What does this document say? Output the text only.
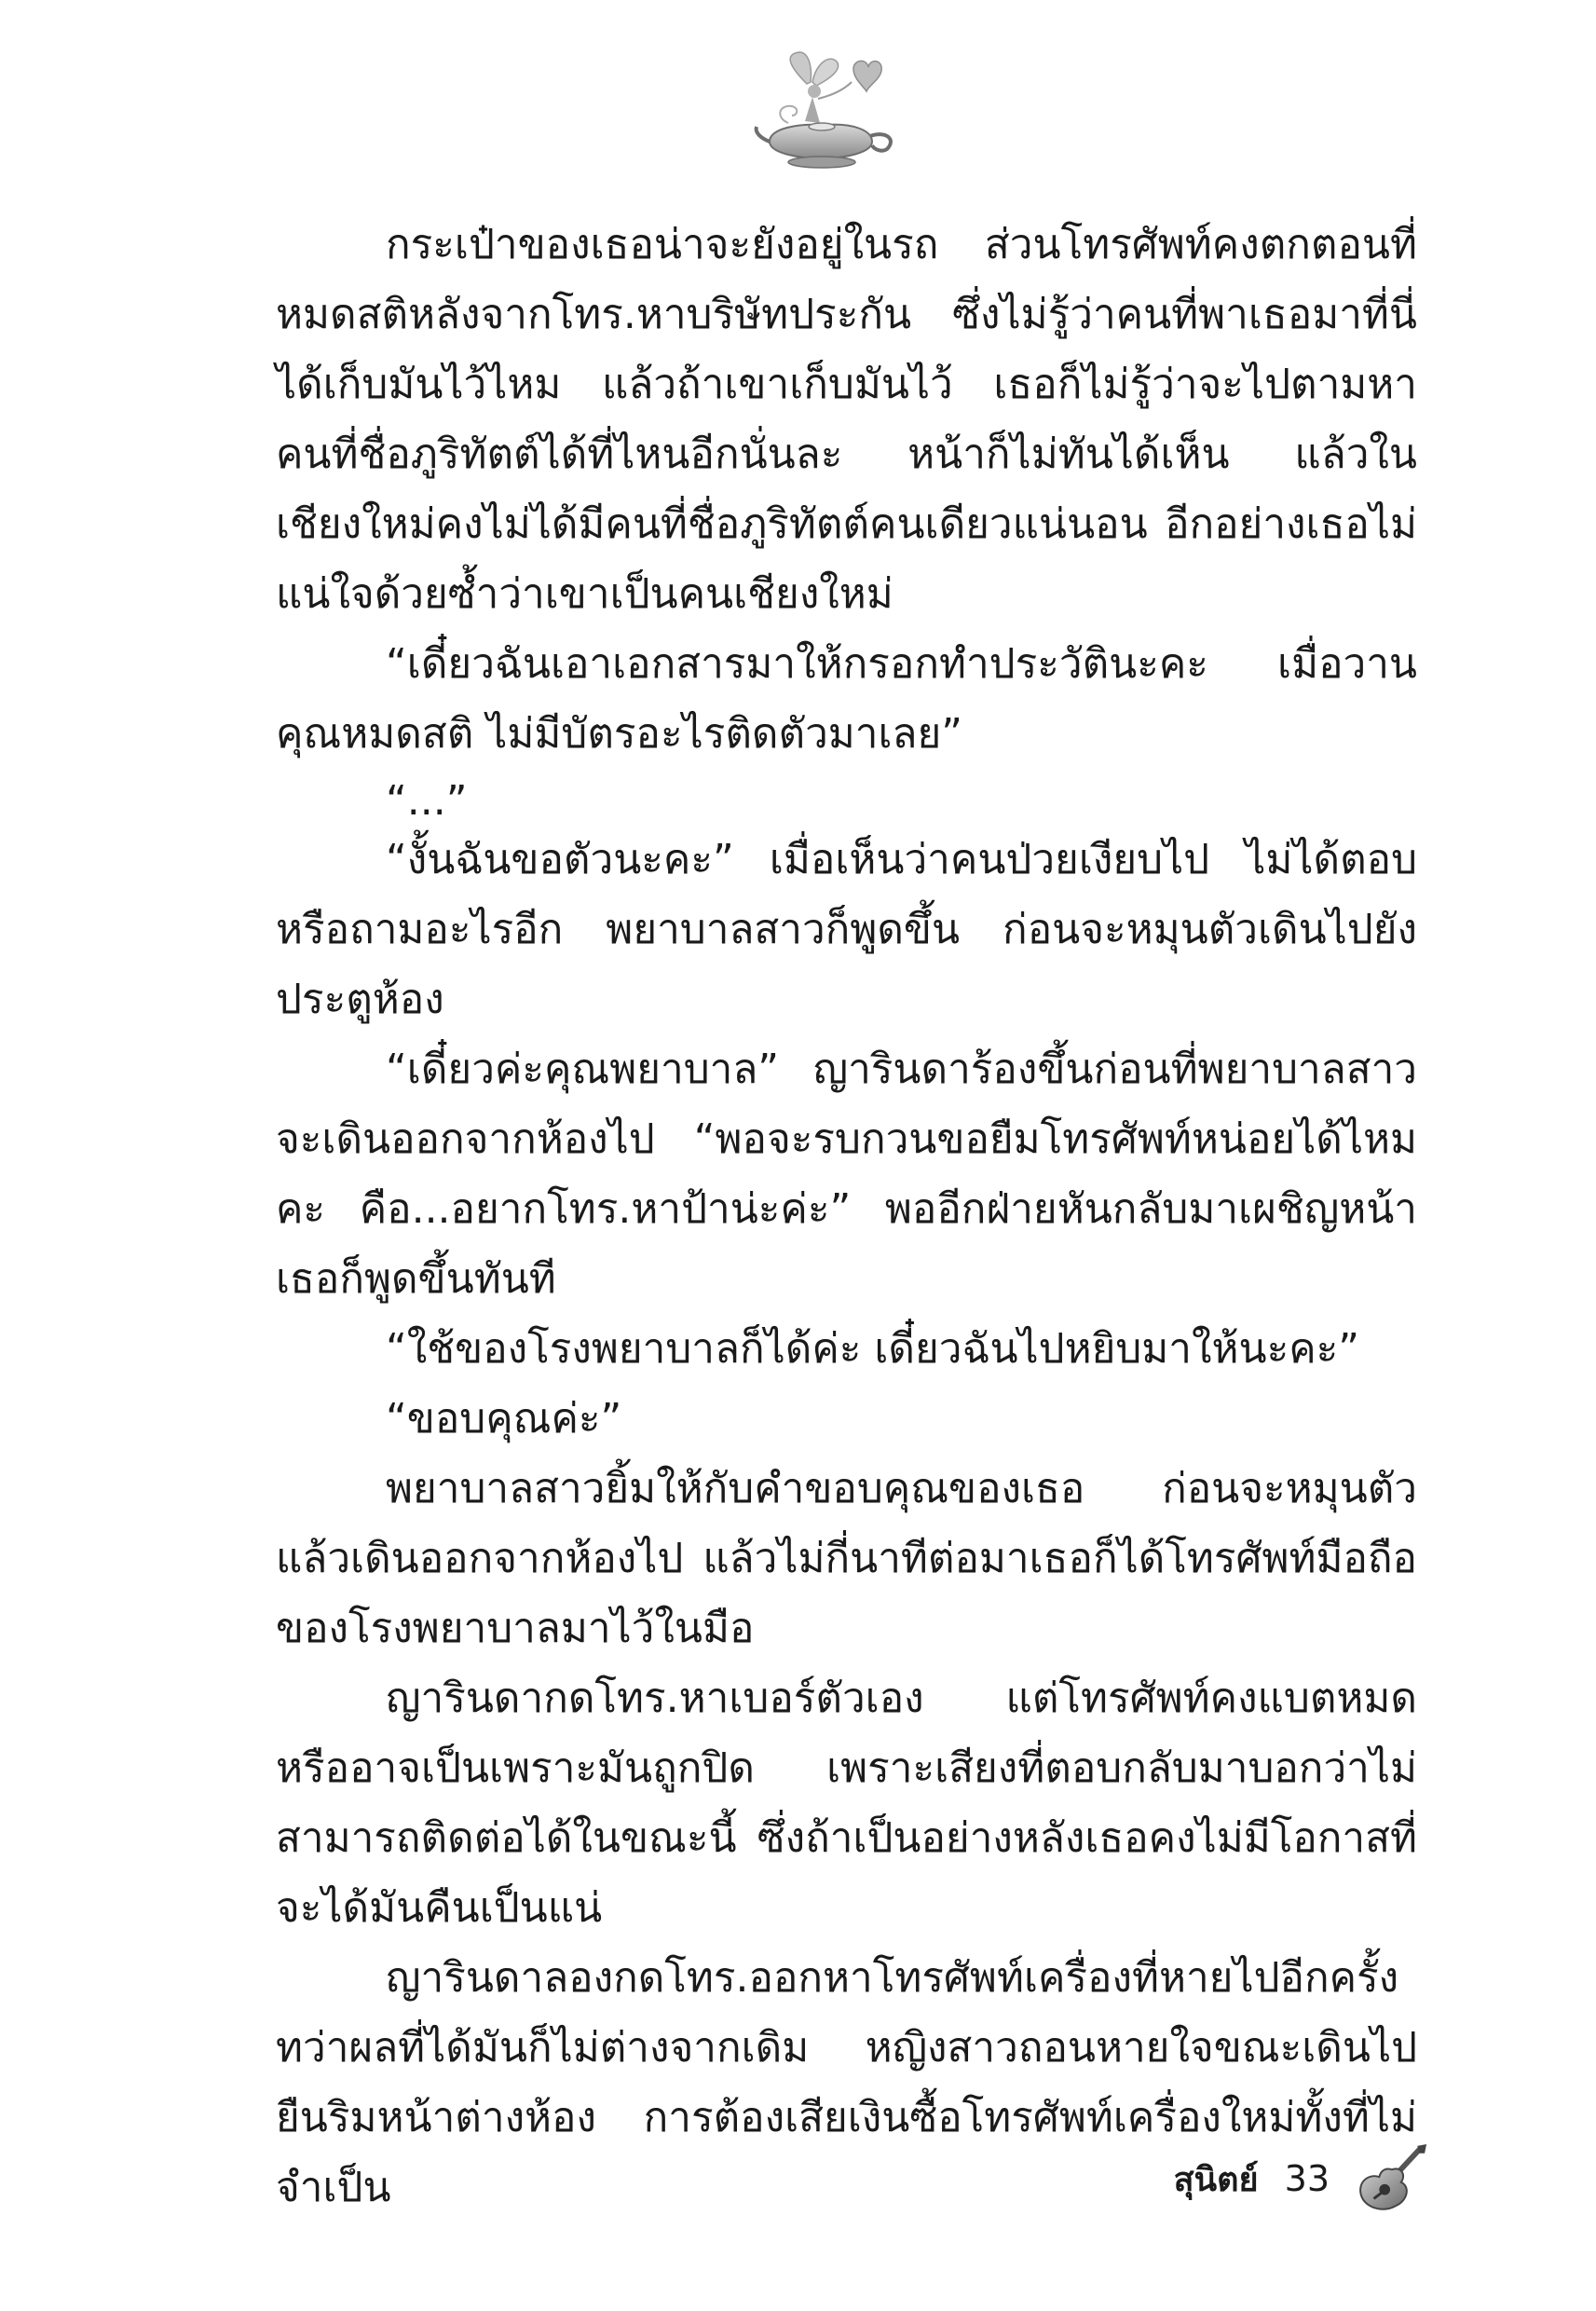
กระเป๋าของเธอน่าจะยังอยู่ในรถ ส่วนโทรศัพท์คงตกตอนที่หมดสติหลังจากโทร.หาบริษัทประกัน ซึ่งไม่รู้ว่าคนที่พาเธอมาที่นี่ได้เก็บมันไว้ไหม แล้วถ้าเขาเก็บมันไว้ เธอก็ไม่รู้ว่าจะไปตามหาคนที่ชื่อภูริทัตต์ได้ที่ไหนอีกนั่นละ หน้าก็ไม่ทันได้เห็น แล้วในเชียงใหม่คงไม่ได้มีคนที่ชื่อภูริทัตต์คนเดียวแน่นอน อีกอย่างเธอไม่แน่ใจด้วยซ้ำว่าเขาเป็นคนเชียงใหม่

“เดี๋ยวฉันเอาเอกสารมาให้กรอกทำประวัตินะคะ เมื่อวานคุณหมดสติ ไม่มีบัตรอะไรติดตัวมาเลย”

“...”

“งั้นฉันขอตัวนะคะ” เมื่อเห็นว่าคนป่วยเงียบไป ไม่ได้ตอบหรือถามอะไรอีก พยาบาลสาวก็พูดขึ้น ก่อนจะหมุนตัวเดินไปยังประตูห้อง

“เดี๋ยวค่ะคุณพยาบาล” ญารินดาร้องขึ้นก่อนที่พยาบาลสาวจะเดินออกจากห้องไป “พอจะรบกวนขอยืมโทรศัพท์หน่อยได้ไหมคะ คือ...อยากโทร.หาป้าน่ะค่ะ” พออีกฝ่ายหันกลับมาเผชิญหน้าเธอก็พูดขึ้นทันที

“ใช้ของโรงพยาบาลก็ได้ค่ะ เดี๋ยวฉันไปหยิบมาให้นะคะ”

“ขอบคุณค่ะ”

พยาบาลสาวยิ้มให้กับคำขอบคุณของเธอ ก่อนจะหมุนตัวแล้วเดินออกจากห้องไป แล้วไม่กี่นาทีต่อมาเธอก็ได้โทรศัพท์มือถือของโรงพยาบาลมาไว้ในมือ

ญารินดากดโทร.หาเบอร์ตัวเอง แต่โทรศัพท์คงแบตหมด หรืออาจเป็นเพราะมันถูกปิด เพราะเสียงที่ตอบกลับมาบอกว่าไม่สามารถติดต่อได้ในขณะนี้ ซึ่งถ้าเป็นอย่างหลังเธอคงไม่มีโอกาสที่จะได้มันคืนเป็นแน่

ญารินดาลองกดโทร.ออกหาโทรศัพท์เครื่องที่หายไปอีกครั้ง ทว่าผลที่ได้มันก็ไม่ต่างจากเดิม หญิงสาวถอนหายใจขณะเดินไปยืนริมหน้าต่างห้อง การต้องเสียเงินซื้อโทรศัพท์เครื่องใหม่ทั้งที่ไม่จำเป็น	สุนิตย์ 33
